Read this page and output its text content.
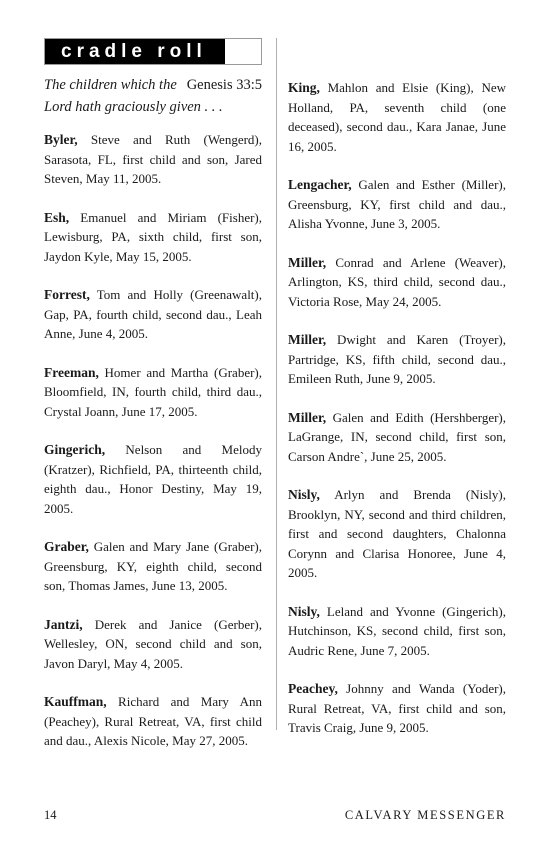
cradle roll

Genesis 33:5
The children which the Lord hath graciously given . . .

Byler, Steve and Ruth (Wengerd), Sarasota, FL, first child and son, Jared Steven, May 11, 2005.

Esh, Emanuel and Miriam (Fisher), Lewisburg, PA, sixth child, first son, Jaydon Kyle, May 15, 2005.

Forrest, Tom and Holly (Greenawalt), Gap, PA, fourth child, second dau., Leah Anne, June 4, 2005.

Freeman, Homer and Martha (Graber), Bloomfield, IN, fourth child, third dau., Crystal Joann, June 17, 2005.

Gingerich, Nelson and Melody (Kratzer), Richfield, PA, thirteenth child, eighth dau., Honor Destiny, May 19, 2005.

Graber, Galen and Mary Jane (Graber), Greensburg, KY, eighth child, second son, Thomas James, June 13, 2005.

Jantzi, Derek and Janice (Gerber), Wellesley, ON, second child and son, Javon Daryl, May 4, 2005.

Kauffman, Richard and Mary Ann (Peachey), Rural Retreat, VA, first child and dau., Alexis Nicole, May 27, 2005.

King, Mahlon and Elsie (King), New Holland, PA, seventh child (one deceased), second dau., Kara Janae, June 16, 2005.

Lengacher, Galen and Esther (Miller), Greensburg, KY, first child and dau., Alisha Yvonne, June 3, 2005.

Miller, Conrad and Arlene (Weaver), Arlington, KS, third child, second dau., Victoria Rose, May 24, 2005.

Miller, Dwight and Karen (Troyer), Partridge, KS, fifth child, second dau., Emileen Ruth, June 9, 2005.

Miller, Galen and Edith (Hershberger), LaGrange, IN, second child, first son, Carson Andre`, June 25, 2005.

Nisly, Arlyn and Brenda (Nisly), Brooklyn, NY, second and third children, first and second daughters, Chalonna Corynn and Clarisa Honoree, June 4, 2005.

Nisly, Leland and Yvonne (Gingerich), Hutchinson, KS, second child, first son, Audric Rene, June 7, 2005.

Peachey, Johnny and Wanda (Yoder), Rural Retreat, VA, first child and son, Travis Craig, June 9, 2005.

14	CALVARY MESSENGER
